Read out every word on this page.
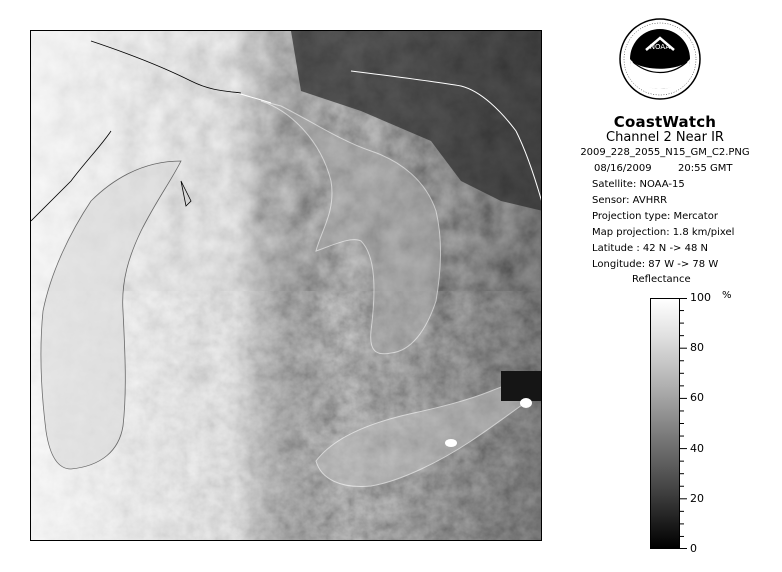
NOAA
CoastWatch
Channel 2 Near IR
2009_228_2055_N15_GM_C2.PNG
08/16/2009	20:55 GMT
Satellite: NOAA-15
Sensor: AVHRR
Projection type: Mercator
Map projection: 1.8 km/pixel
Latitude : 42 N -> 48 N
Longitude: 87 W -> 78 W
Reflectance
%
100
80
60
40
20
0
